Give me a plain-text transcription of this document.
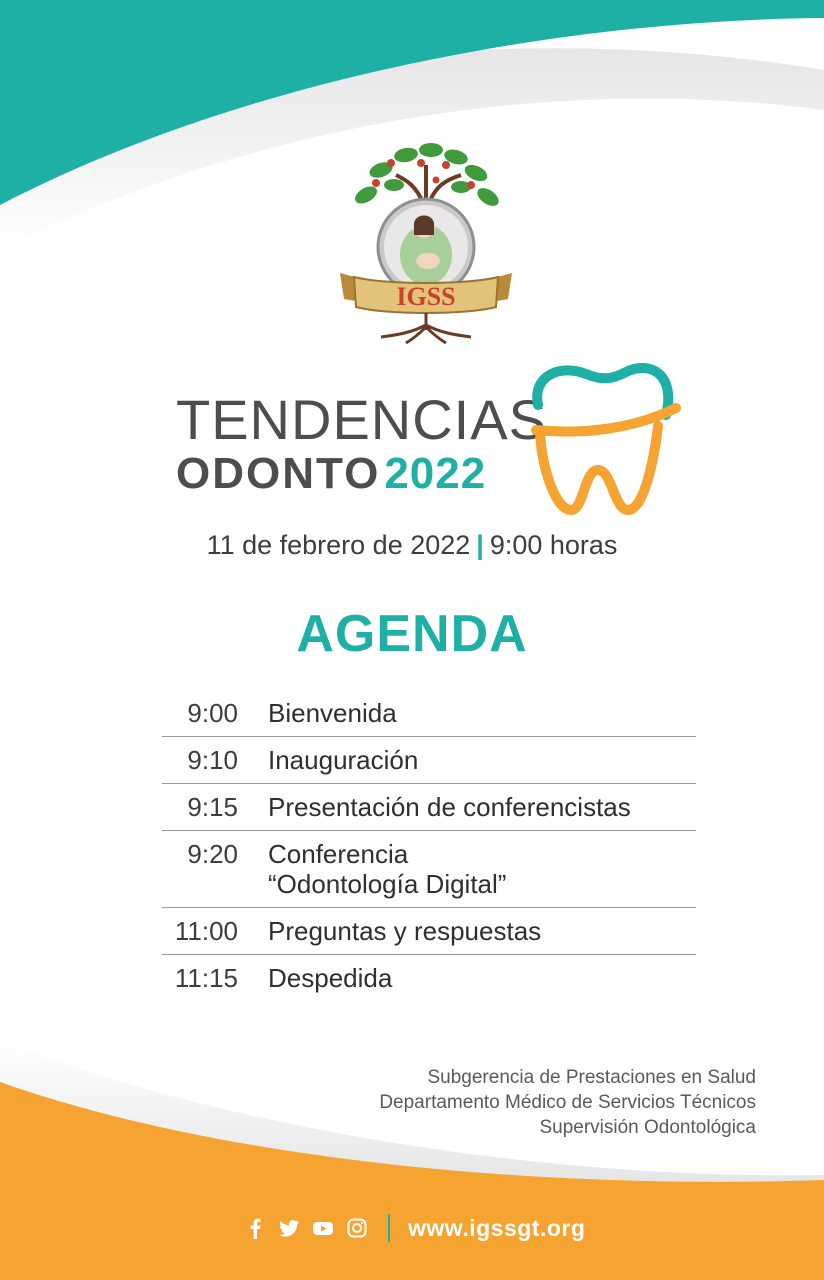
IGSS
TENDENCIAS
ODONTO2022
11 de febrero de 2022 | 9:00 horas
AGENDA
9:00 Bienvenida
9:10 Inauguración
9:15 Presentación de conferencistas
9:20 Conferencia
“Odontología Digital”
11:00 Preguntas y respuestas
11:15 Despedida
Subgerencia de Prestaciones en Salud
Departamento Médico de Servicios Técnicos
Supervisión Odontológica
www.igssgt.org
